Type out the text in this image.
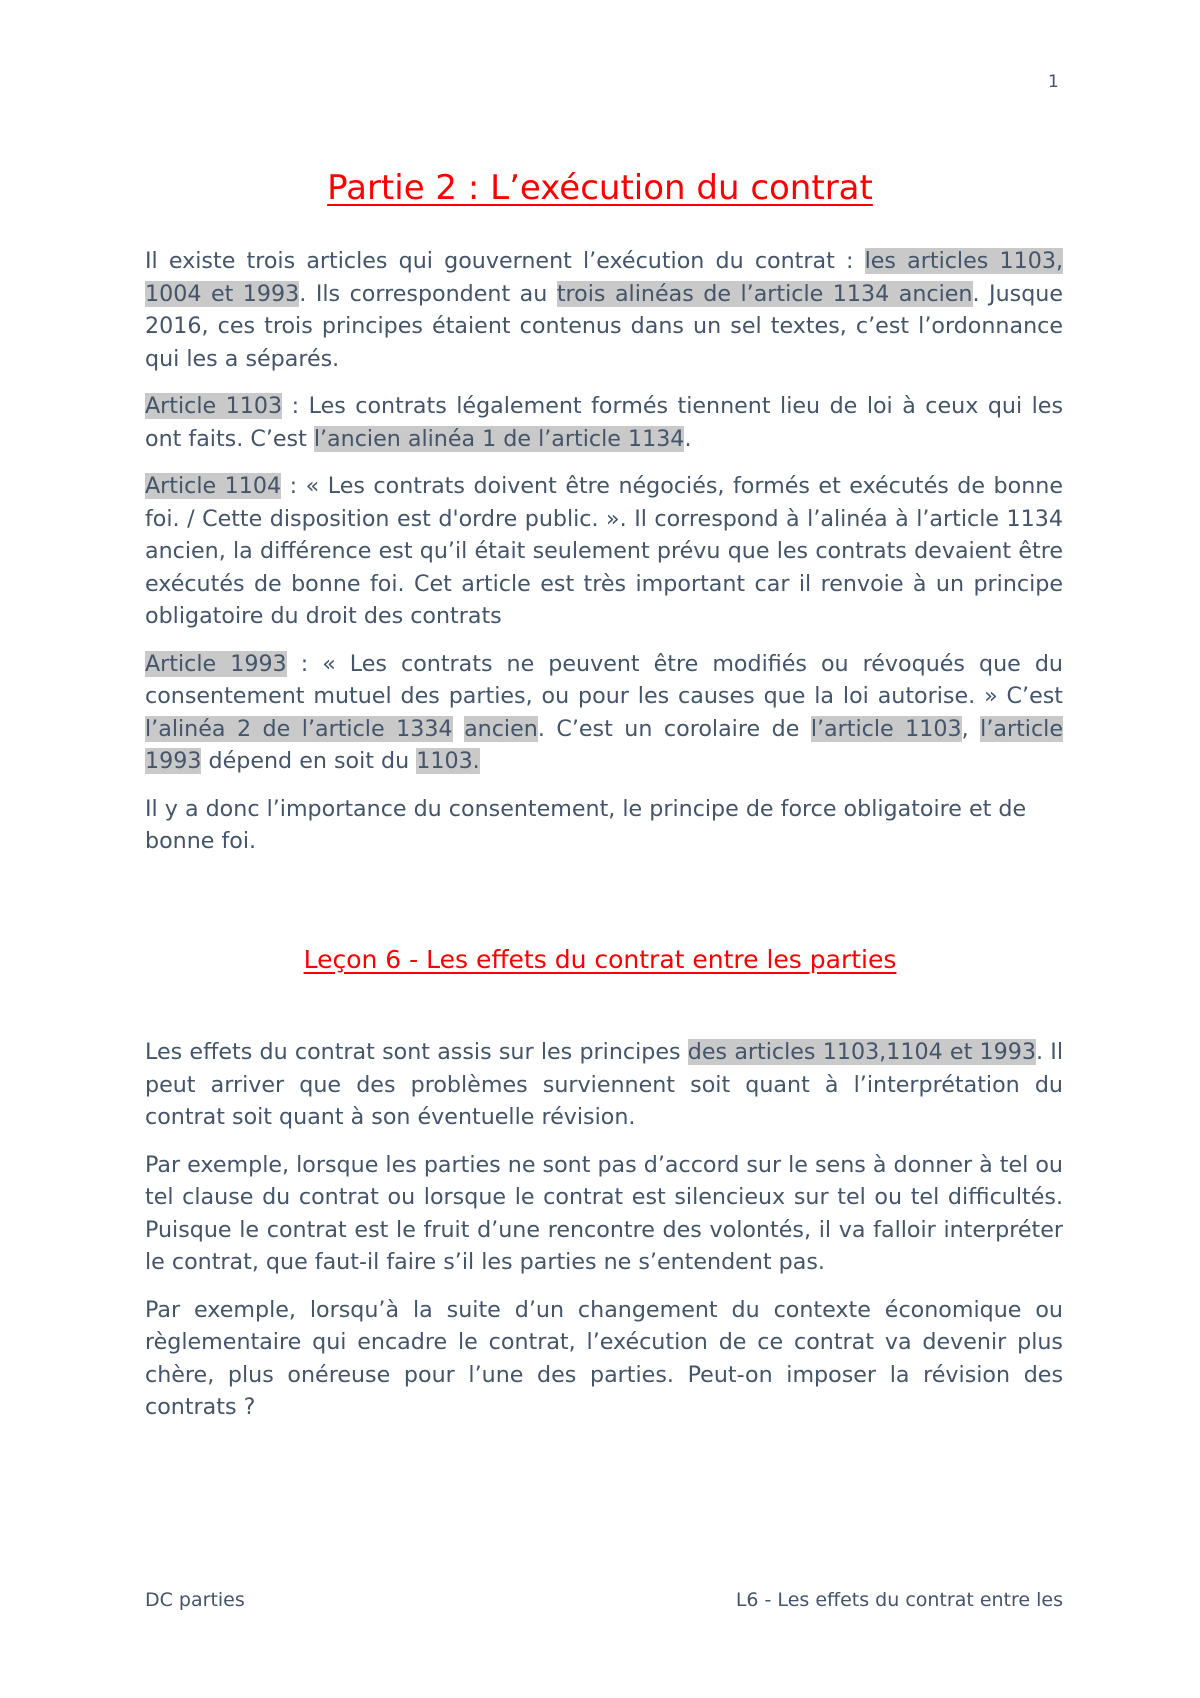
1
Partie 2 : L’exécution du contrat

Il existe trois articles qui gouvernent l’exécution du contrat : les articles 1103, 1004 et 1993. Ils correspondent au trois alinéas de l’article 1134 ancien. Jusque 2016, ces trois principes étaient contenus dans un sel textes, c’est l’ordonnance qui les a séparés.

Article 1103 : Les contrats légalement formés tiennent lieu de loi à ceux qui les ont faits. C’est l’ancien alinéa 1 de l’article 1134.

Article 1104 : « Les contrats doivent être négociés, formés et exécutés de bonne foi. / Cette disposition est d'ordre public. ». Il correspond à l’alinéa à l’article 1134 ancien, la différence est qu’il était seulement prévu que les contrats devaient être exécutés de bonne foi. Cet article est très important car il renvoie à un principe obligatoire du droit des contrats

Article 1993 : « Les contrats ne peuvent être modifiés ou révoqués que du consentement mutuel des parties, ou pour les causes que la loi autorise. » C’est l’alinéa 2 de l’article 1334 ancien. C’est un corolaire de l’article 1103, l’article 1993 dépend en soit du 1103.

Il y a donc l’importance du consentement, le principe de force obligatoire et de bonne foi.

Leçon 6 - Les effets du contrat entre les parties

Les effets du contrat sont assis sur les principes des articles 1103,1104 et 1993. Il peut arriver que des problèmes surviennent soit quant à l’interprétation du contrat soit quant à son éventuelle révision.

Par exemple, lorsque les parties ne sont pas d’accord sur le sens à donner à tel ou tel clause du contrat ou lorsque le contrat est silencieux sur tel ou tel difficultés. Puisque le contrat est le fruit d’une rencontre des volontés, il va falloir interpréter le contrat, que faut-il faire s’il les parties ne s’entendent pas.

Par exemple, lorsqu’à la suite d’un changement du contexte économique ou règlementaire qui encadre le contrat, l’exécution de ce contrat va devenir plus chère, plus onéreuse pour l’une des parties. Peut-on imposer la révision des contrats ?

DC parties	L6 - Les effets du contrat entre les
